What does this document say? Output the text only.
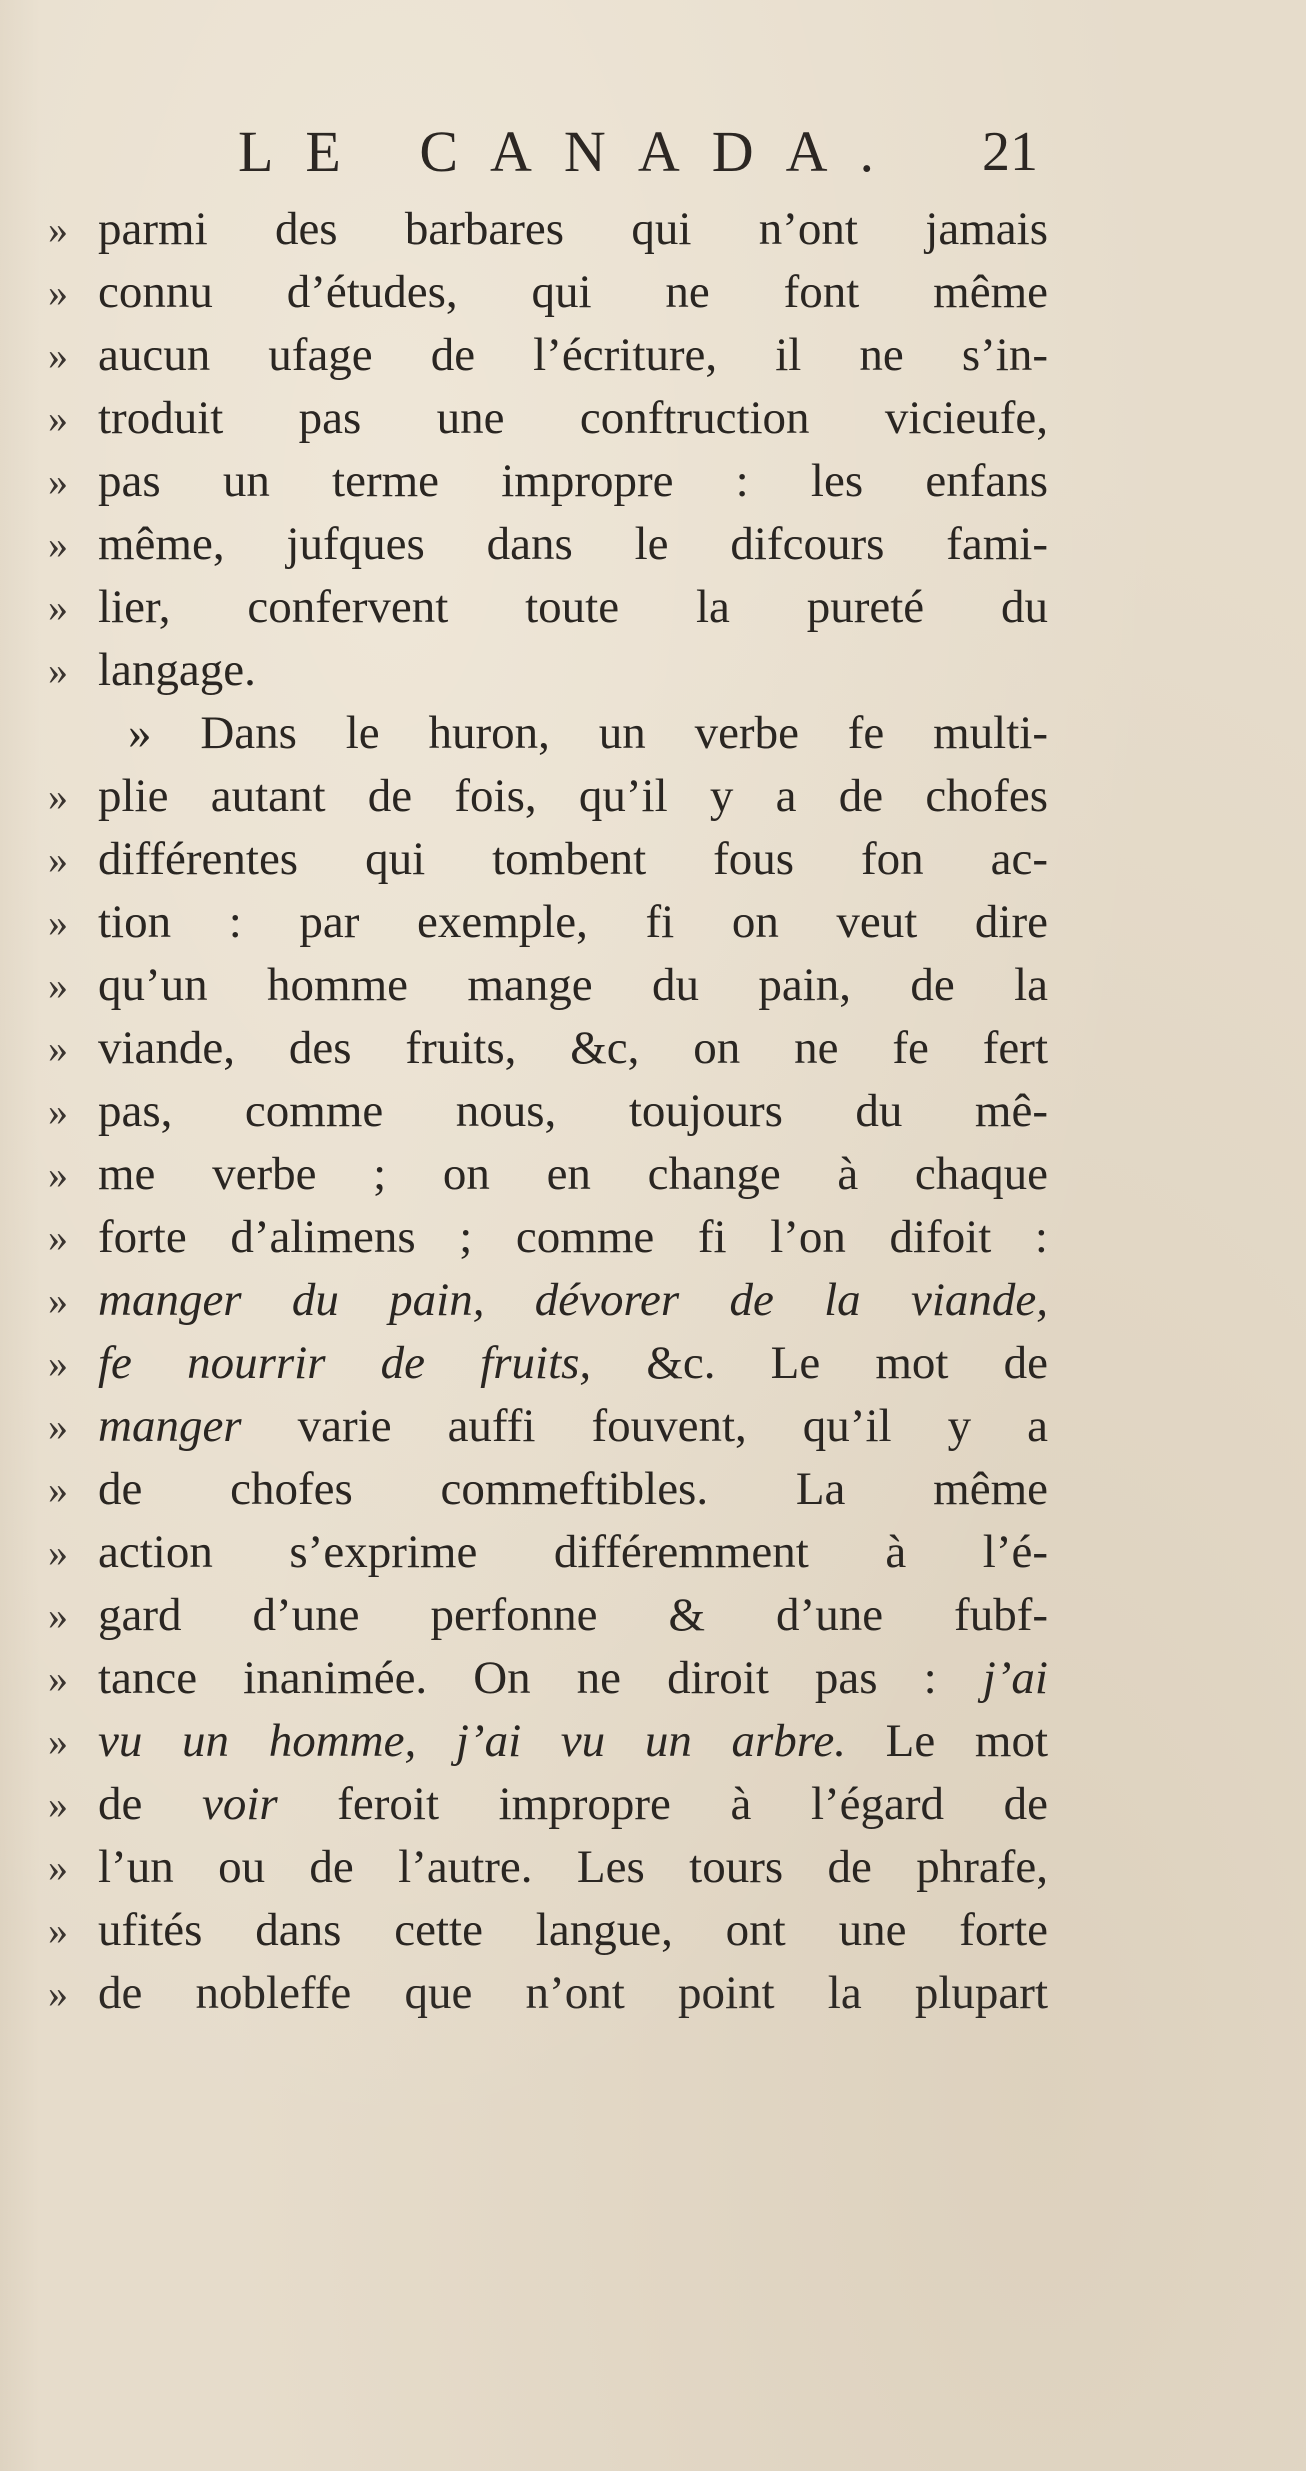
LE CANADA. 21
» parmi des barbares qui n’ont jamais
» connu d’études, qui ne font même
» aucun ufage de l’écriture, il ne s’in-
» troduit pas une conftruction vicieufe,
» pas un terme impropre : les enfans
» même, jufques dans le difcours fami-
» lier, confervent toute la pureté du
» langage.
» Dans le huron, un verbe fe multi-
» plie autant de fois, qu’il y a de chofes
» différentes qui tombent fous fon ac-
» tion : par exemple, fi on veut dire
» qu’un homme mange du pain, de la
» viande, des fruits, &c, on ne fe fert
» pas, comme nous, toujours du mê-
» me verbe ; on en change à chaque
» forte d’alimens ; comme fi l’on difoit :
» manger du pain, dévorer de la viande,
» fe nourrir de fruits, &c. Le mot de
» manger varie auffi fouvent, qu’il y a
» de chofes commeftibles. La même
» action s’exprime différemment à l’é-
» gard d’une perfonne & d’une fubf-
» tance inanimée. On ne diroit pas : j’ai
» vu un homme, j’ai vu un arbre. Le mot
» de voir feroit impropre à l’égard de
» l’un ou de l’autre. Les tours de phrafe,
» ufités dans cette langue, ont une forte
» de nobleffe que n’ont point la plupart
